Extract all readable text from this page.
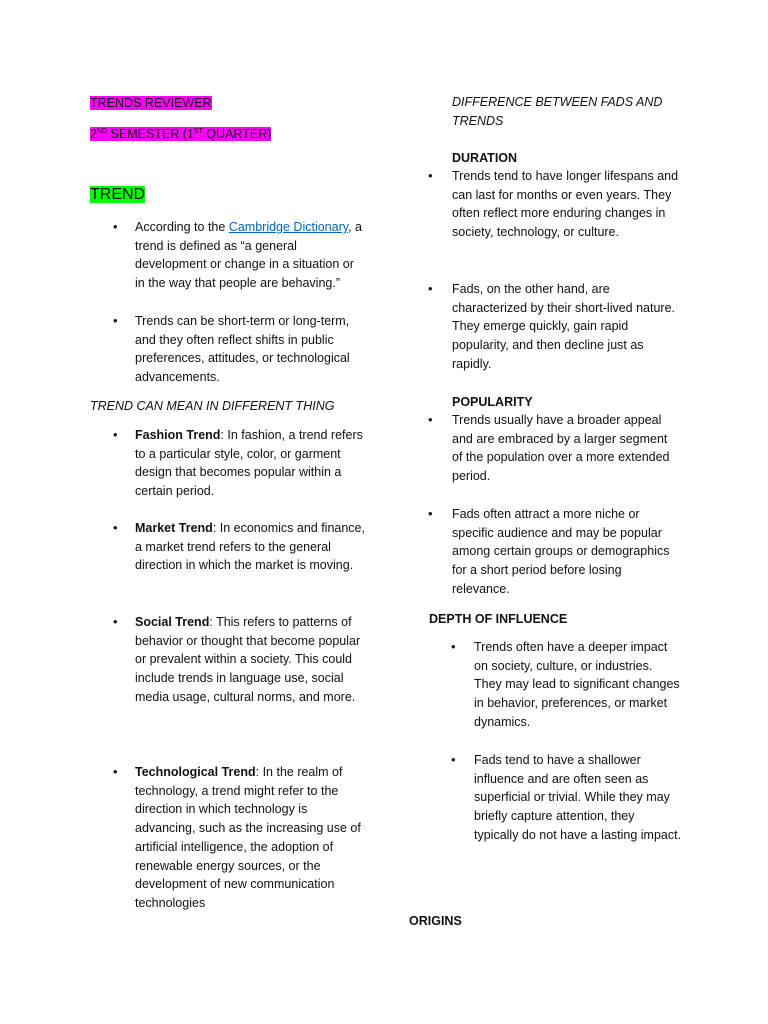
TRENDS REVIEWER
2ND SEMESTER (1ST QUARTER)
TREND
• According to the Cambridge Dictionary, a trend is defined as “a general development or change in a situation or in the way that people are behaving.”
• Trends can be short-term or long-term, and they often reflect shifts in public preferences, attitudes, or technological advancements.
TREND CAN MEAN IN DIFFERENT THING
• Fashion Trend: In fashion, a trend refers to a particular style, color, or garment design that becomes popular within a certain period.
• Market Trend: In economics and finance, a market trend refers to the general direction in which the market is moving.
• Social Trend: This refers to patterns of behavior or thought that become popular or prevalent within a society. This could include trends in language use, social media usage, cultural norms, and more.
• Technological Trend: In the realm of technology, a trend might refer to the direction in which technology is advancing, such as the increasing use of artificial intelligence, the adoption of renewable energy sources, or the development of new communication technologies
DIFFERENCE BETWEEN FADS AND TRENDS
DURATION
• Trends tend to have longer lifespans and can last for months or even years. They often reflect more enduring changes in society, technology, or culture.
• Fads, on the other hand, are characterized by their short-lived nature. They emerge quickly, gain rapid popularity, and then decline just as rapidly.
POPULARITY
• Trends usually have a broader appeal and are embraced by a larger segment of the population over a more extended period.
• Fads often attract a more niche or specific audience and may be popular among certain groups or demographics for a short period before losing relevance.
DEPTH OF INFLUENCE
• Trends often have a deeper impact on society, culture, or industries. They may lead to significant changes in behavior, preferences, or market dynamics.
• Fads tend to have a shallower influence and are often seen as superficial or trivial. While they may briefly capture attention, they typically do not have a lasting impact.
ORIGINS
